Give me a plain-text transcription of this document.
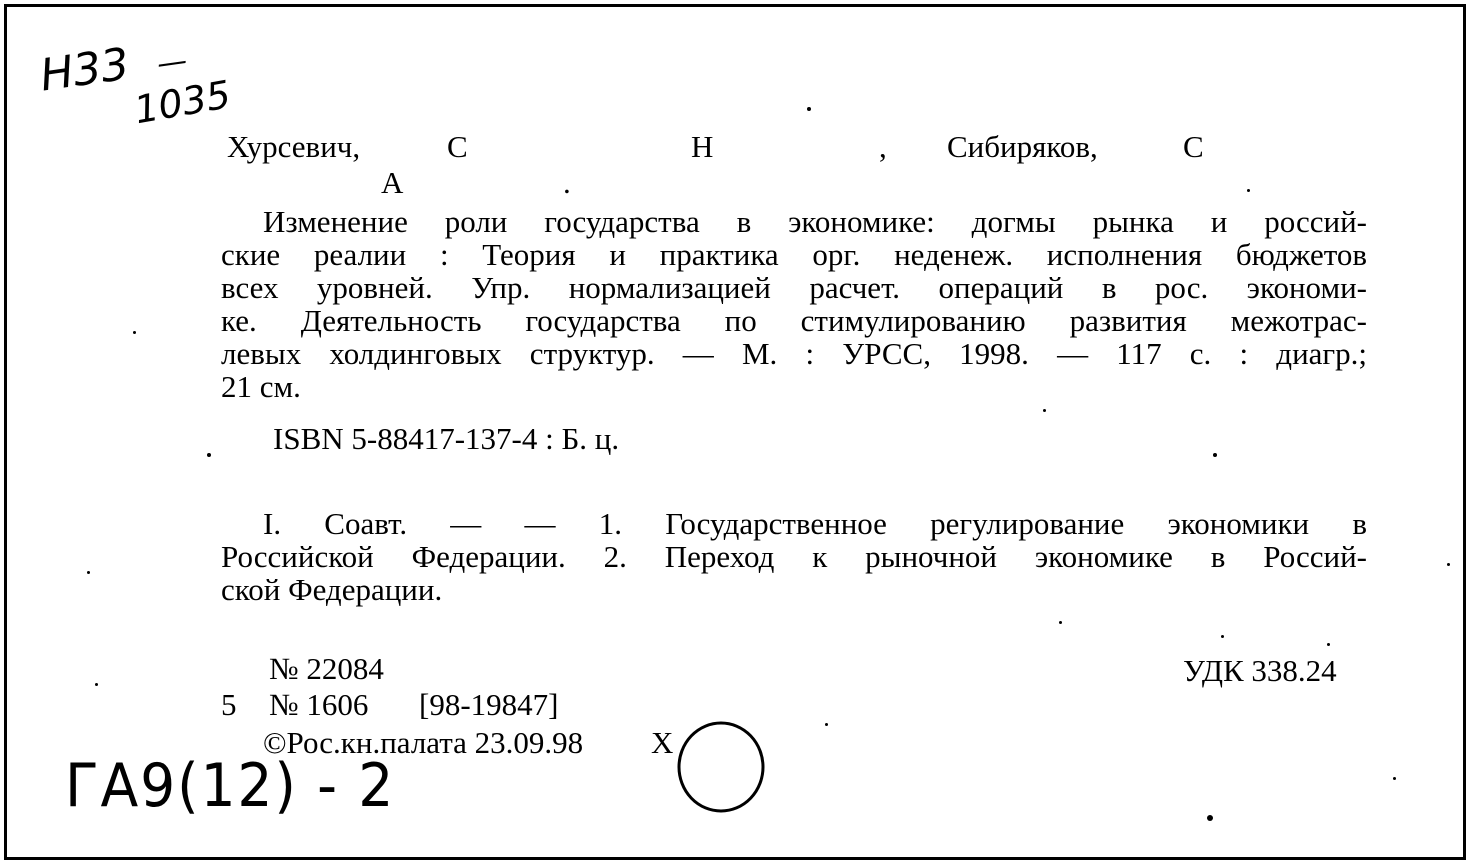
Н33 —
1035
Хурсевич,	С	Н	, Сибиряков,	С
А	.
Изменение роли государства в экономике: догмы рынка и россий-
ские реалии : Теория и практика орг. неденеж. исполнения бюджетов
всех уровней. Упр. нормализацией расчет. операций в рос. экономи-
ке. Деятельность государства по стимулированию развития межотрас-
левых холдинговых структур. — М. : УРСС, 1998. — 117 с. : диагр.;
21 см.
ISBN 5-88417-137-4 : Б. ц.
I. Соавт. — — 1. Государственное регулирование экономики в
Российской Федерации. 2. Переход к рыночной экономике в Россий-
ской Федерации.
№ 22084	УДК 338.24
5 № 1606 [98-19847]
©Рос.кн.палата 23.09.98 Х
ГА9(12) - 2
